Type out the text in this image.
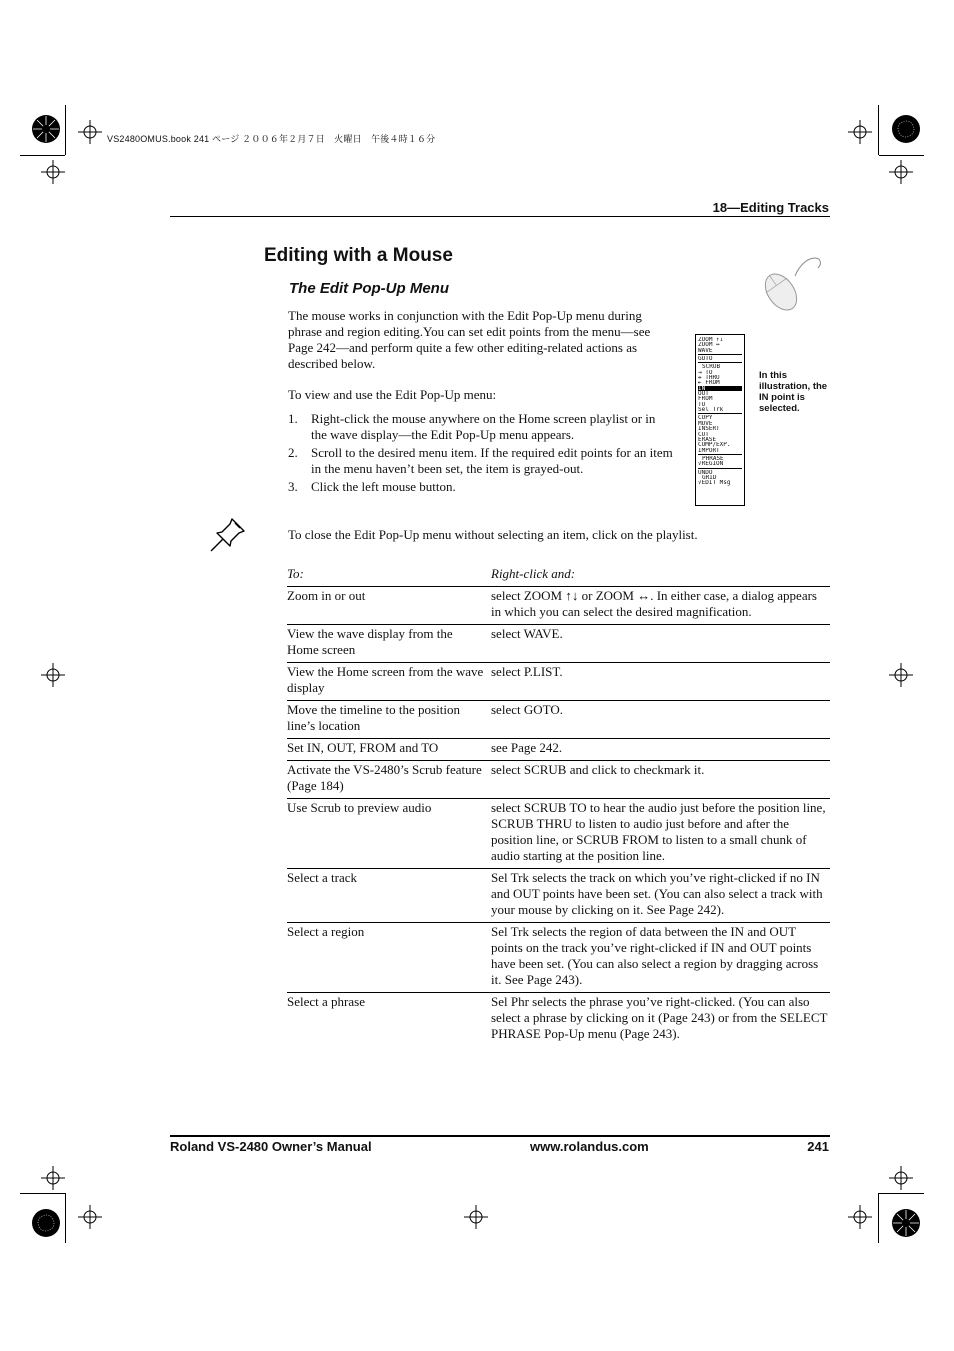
VS2480OMUS.book 241 ページ ２００６年２月７日　火曜日　午後４時１６分
18—Editing Tracks
Editing with a Mouse
The Edit Pop-Up Menu

The mouse works in conjunction with the Edit Pop-Up menu during phrase and region editing.You can set edit points from the menu—see Page 242—and perform quite a few other editing-related actions as described below.

To view and use the Edit Pop-Up menu:

1. Right-click the mouse anywhere on the Home screen playlist or in the wave display—the Edit Pop-Up menu appears.
2. Scroll to the desired menu item. If the required edit points for an item in the menu haven’t been set, the item is grayed-out.
3. Click the left mouse button.
ZOOM ↑↓
ZOOM ↔
WAVE
GOTO
SCRUB
⇥ TO
⇹ THRU
⇤ FROM
IN
OUT
FROM
TO
Sel Trk
COPY
MOVE
INSERT
CUT
ERASE
COMP/EXP.
IMPORT
PHRASE
√REGION
UNDO
GRID
√EDIT Msg
In this illustration, the IN point is selected.
To close the Edit Pop-Up menu without selecting an item, click on the playlist.
To:	Right-click and:
Zoom in or out	select ZOOM ↑↓ or ZOOM ↔. In either case, a dialog appears in which you can select the desired magnification.
View the wave display from the Home screen	select WAVE.
View the Home screen from the wave display	select P.LIST.
Move the timeline to the position line’s location	select GOTO.
Set IN, OUT, FROM and TO	see Page 242.
Activate the VS-2480’s Scrub feature (Page 184)	select SCRUB and click to checkmark it.
Use Scrub to preview audio	select SCRUB TO to hear the audio just before the position line, SCRUB THRU to listen to audio just before and after the position line, or SCRUB FROM to listen to a small chunk of audio starting at the position line.
Select a track	Sel Trk selects the track on which you’ve right-clicked if no IN and OUT points have been set. (You can also select a track with your mouse by clicking on it. See Page 242).
Select a region	Sel Trk selects the region of data between the IN and OUT points on the track you’ve right-clicked if IN and OUT points have been set. (You can also select a region by dragging across it. See Page 243).
Select a phrase	Sel Phr selects the phrase you’ve right-clicked. (You can also select a phrase by clicking on it (Page 243) or from the SELECT PHRASE Pop-Up menu (Page 243).
Roland VS-2480 Owner’s Manual	www.rolandus.com	241
